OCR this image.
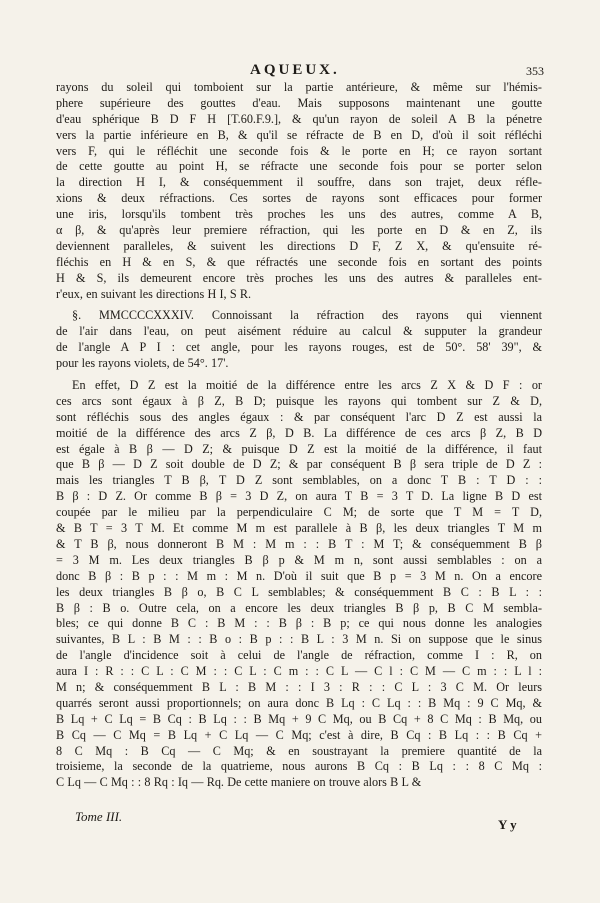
AQUEUX.	353
rayons du soleil qui tomboient sur la partie antérieure, & même sur l'hémis-
phere supérieure des gouttes d'eau. Mais supposons maintenant une goutte
d'eau sphérique B D F H [T.60.F.9.], & qu'un rayon de soleil A B la pénetre
vers la partie inférieure en B, & qu'il se réfracte de B en D, d'où il soit réfléchi
vers F, qui le réfléchit une seconde fois & le porte en H; ce rayon sortant
de cette goutte au point H, se réfracte une seconde fois pour se porter selon
la direction H I, & conséquemment il souffre, dans son trajet, deux réfle-
xions & deux réfractions. Ces sortes de rayons sont efficaces pour former
une iris, lorsqu'ils tombent très proches les uns des autres, comme A B,
α β, & qu'après leur premiere réfraction, qui les porte en D & en Z, ils
deviennent paralleles, & suivent les directions D F, Z X, & qu'ensuite ré-
fléchis en H & en S, & que réfractés une seconde fois en sortant des points
H & S, ils demeurent encore très proches les uns des autres & paralleles ent-
r'eux, en suivant les directions H I, S R.
§. MMCCCCXXXIV. Connoissant la réfraction des rayons qui viennent
de l'air dans l'eau, on peut aisément réduire au calcul & supputer la grandeur
de l'angle A P I : cet angle, pour les rayons rouges, est de 50°. 58' 39", &
pour les rayons violets, de 54°. 17'.
En effet, D Z est la moitié de la différence entre les arcs Z X & D F : or
ces arcs sont égaux à β Z, B D; puisque les rayons qui tombent sur Z & D,
sont réfléchis sous des angles égaux : & par conséquent l'arc D Z est aussi la
moitié de la différence des arcs Z β, D B. La différence de ces arcs β Z, B D
est égale à B β — D Z; & puisque D Z est la moitié de la différence, il faut
que B β — D Z soit double de D Z; & par conséquent B β sera triple de D Z :
mais les triangles T B β, T D Z sont semblables, on a donc T B : T D : :
B β : D Z. Or comme B β = 3 D Z, on aura T B = 3 T D. La ligne B D est
coupée par le milieu par la perpendiculaire C M; de sorte que T M = T D,
& B T = 3 T M. Et comme M m est parallele à B β, les deux triangles T M m
& T B β, nous donneront B M : M m : : B T : M T; & conséquemment B β
= 3 M m. Les deux triangles B β p & M m n, sont aussi semblables : on a
donc B β : B p : : M m : M n. D'où il suit que B p = 3 M n. On a encore
les deux triangles B β o, B C L semblables; & conséquemment B C : B L : :
B β : B o. Outre cela, on a encore les deux triangles B β p, B C M sembla-
bles; ce qui donne B C : B M : : B β : B p; ce qui nous donne les analogies
suivantes, B L : B M : : B o : B p : : B L : 3 M n. Si on suppose que le sinus
de l'angle d'incidence soit à celui de l'angle de réfraction, comme I : R, on
aura I : R : : C L : C M : : C L : C m : : C L — C l : C M — C m : : L l :
M n; & conséquemment B L : B M : : I 3 : R : : C L : 3 C M. Or leurs
quarrés seront aussi proportionnels; on aura donc B Lq : C Lq : : B Mq : 9 C Mq, &
B Lq + C Lq = B Cq : B Lq : : B Mq + 9 C Mq, ou B Cq + 8 C Mq : B Mq, ou
B Cq — C Mq = B Lq + C Lq — C Mq; c'est à dire, B Cq : B Lq : : B Cq +
8 C Mq : B Cq — C Mq; & en soustrayant la premiere quantité de la
troisieme, la seconde de la quatrieme, nous aurons B Cq : B Lq : : 8 C Mq :
C Lq — C Mq : : 8 Rq : Iq — Rq. De cette maniere on trouve alors B L &
Tome III.
Y y
